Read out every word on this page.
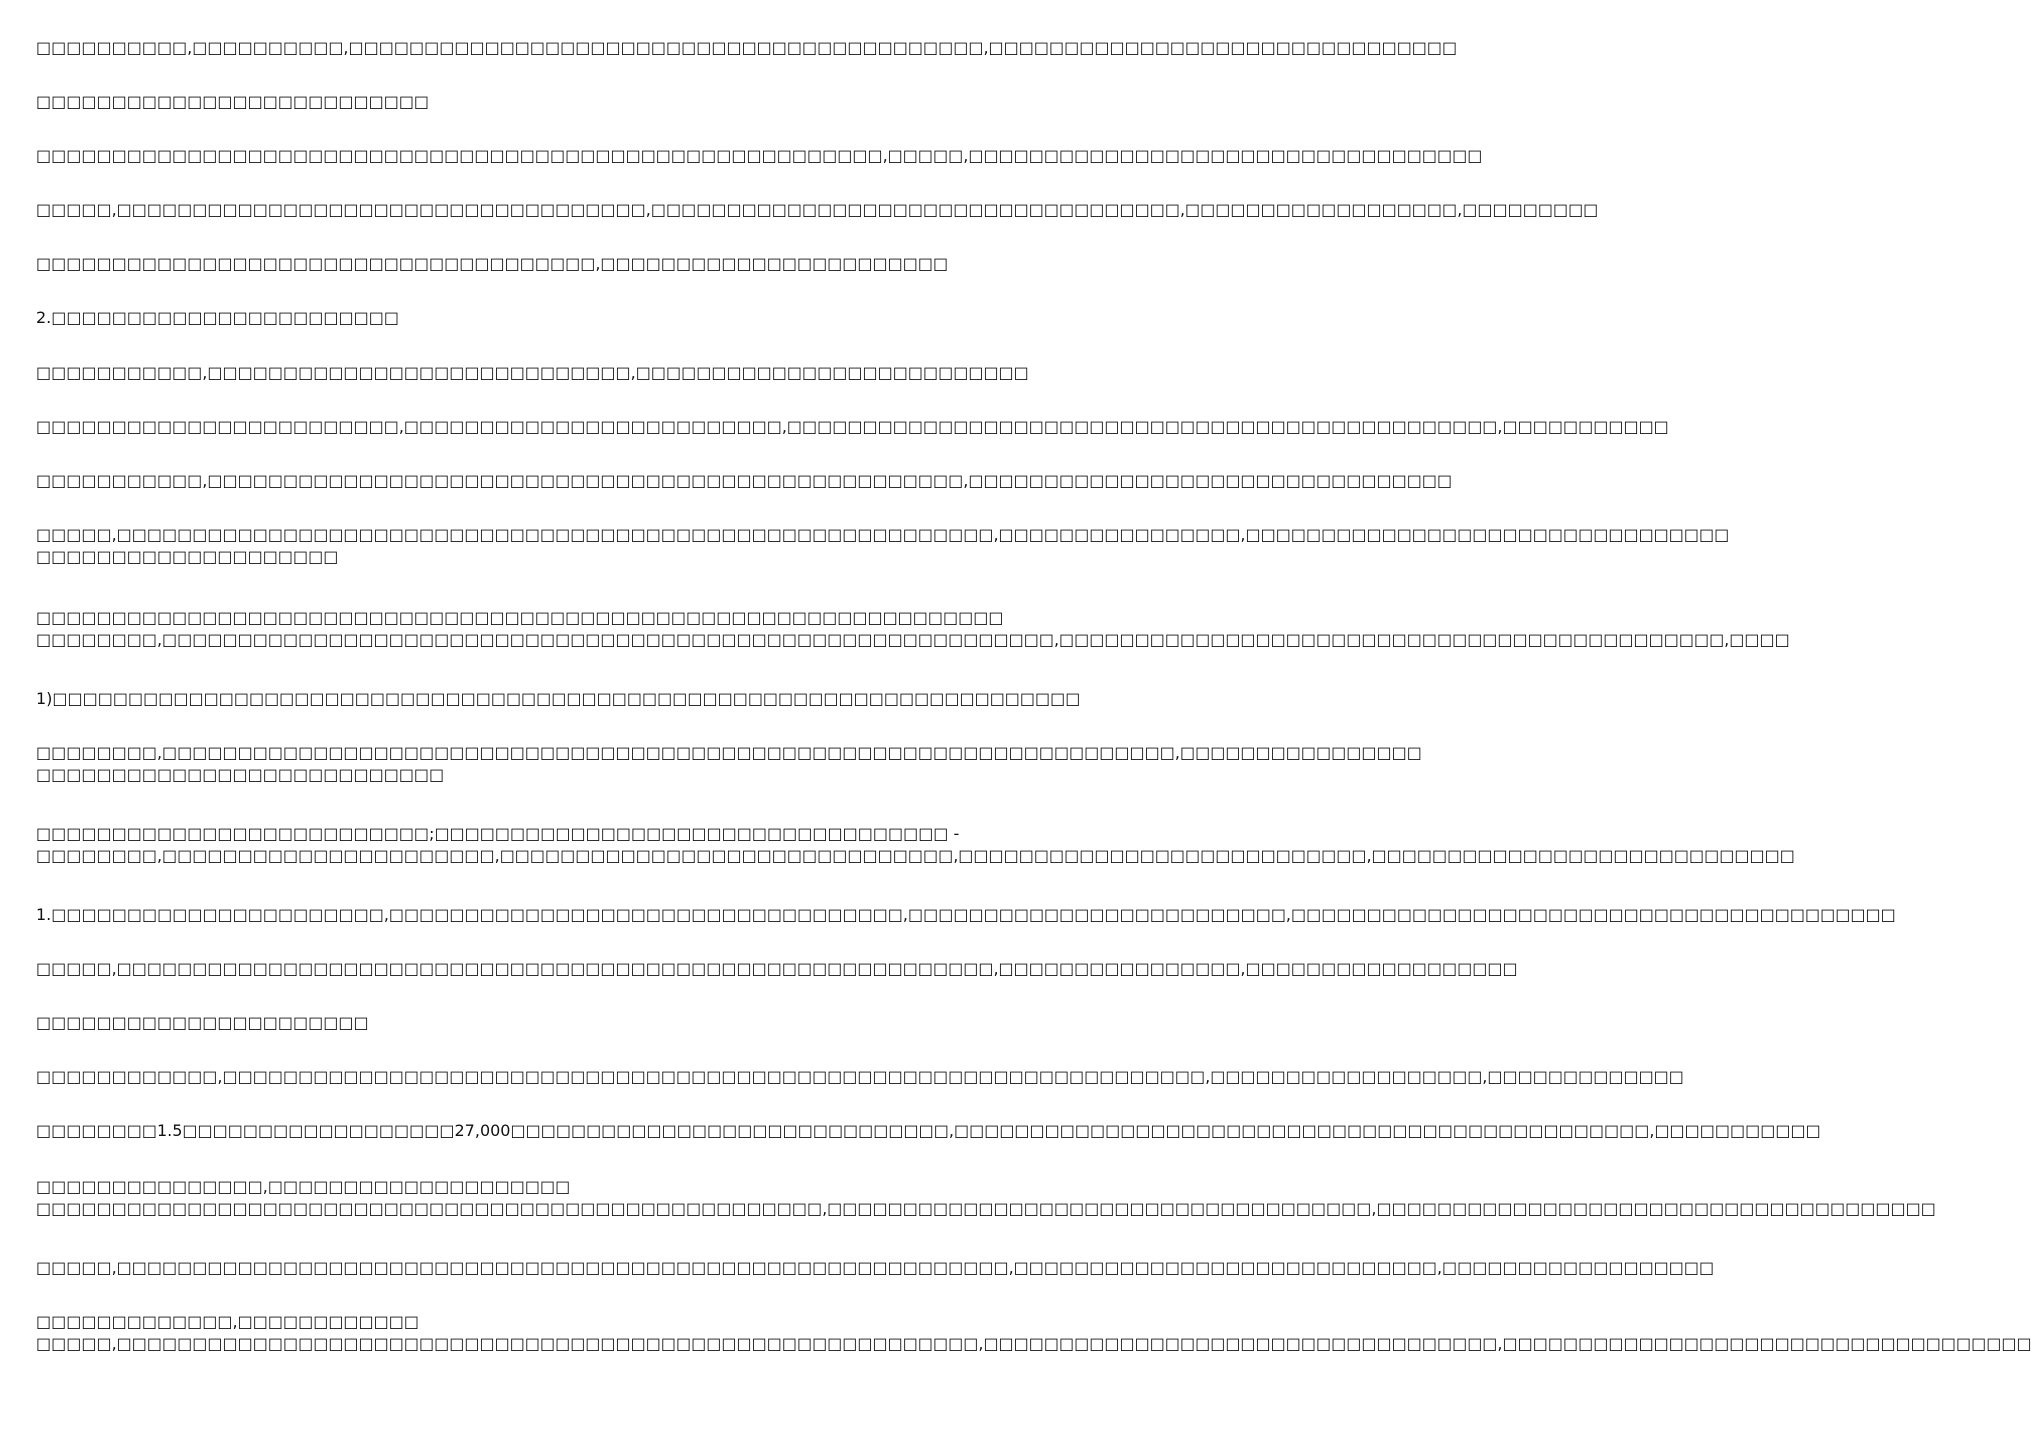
□□□□□□□□□□,□□□□□□□□□□,□□□□□□□□□□□□□□□□□□□□□□□□□□□□□□□□□□□□□□□□□□,□□□□□□□□□□□□□□□□□□□□□□□□□□□□□□□

□□□□□□□□□□□□□□□□□□□□□□□□□□

□□□□□□□□□□□□□□□□□□□□□□□□□□□□□□□□□□□□□□□□□□□□□□□□□□□□□□□□,□□□□□,□□□□□□□□□□□□□□□□□□□□□□□□□□□□□□□□□□

□□□□□,□□□□□□□□□□□□□□□□□□□□□□□□□□□□□□□□□□□,□□□□□□□□□□□□□□□□□□□□□□□□□□□□□□□□□□□,□□□□□□□□□□□□□□□□□□,□□□□□□□□□

□□□□□□□□□□□□□□□□□□□□□□□□□□□□□□□□□□□□□,□□□□□□□□□□□□□□□□□□□□□□□

2.□□□□□□□□□□□□□□□□□□□□□□□

□□□□□□□□□□□,□□□□□□□□□□□□□□□□□□□□□□□□□□□□,□□□□□□□□□□□□□□□□□□□□□□□□□□

□□□□□□□□□□□□□□□□□□□□□□□□,□□□□□□□□□□□□□□□□□□□□□□□□□,□□□□□□□□□□□□□□□□□□□□□□□□□□□□□□□□□□□□□□□□□□□□□□□,□□□□□□□□□□□

□□□□□□□□□□□,□□□□□□□□□□□□□□□□□□□□□□□□□□□□□□□□□□□□□□□□□□□□□□□□□□,□□□□□□□□□□□□□□□□□□□□□□□□□□□□□□□□

□□□□□,□□□□□□□□□□□□□□□□□□□□□□□□□□□□□□□□□□□□□□□□□□□□□□□□□□□□□□□□□□,□□□□□□□□□□□□□□□□,□□□□□□□□□□□□□□□□□□□□□□□□□□□□□□□□
□□□□□□□□□□□□□□□□□□□□

□□□□□□□□□□□□□□□□□□□□□□□□□□□□□□□□□□□□□□□□□□□□□□□□□□□□□□□□□□□□□□□□
□□□□□□□□,□□□□□□□□□□□□□□□□□□□□□□□□□□□□□□□□□□□□□□□□□□□□□□□□□□□□□□□□□□□,□□□□□□□□□□□□□□□□□□□□□□□□□□□□□□□□□□□□□□□□□□□□,□□□□

1)□□□□□□□□□□□□□□□□□□□□□□□□□□□□□□□□□□□□□□□□□□□□□□□□□□□□□□□□□□□□□□□□□□□□

□□□□□□□□,□□□□□□□□□□□□□□□□□□□□□□□□□□□□□□□□□□□□□□□□□□□□□□□□□□□□□□□□□□□□□□□□□□□,□□□□□□□□□□□□□□□□
□□□□□□□□□□□□□□□□□□□□□□□□□□□

□□□□□□□□□□□□□□□□□□□□□□□□□□;□□□□□□□□□□□□□□□□□□□□□□□□□□□□□□□□□□ -
□□□□□□□□,□□□□□□□□□□□□□□□□□□□□□□,□□□□□□□□□□□□□□□□□□□□□□□□□□□□□□,□□□□□□□□□□□□□□□□□□□□□□□□□□□,□□□□□□□□□□□□□□□□□□□□□□□□□□□□

1.□□□□□□□□□□□□□□□□□□□□□□,□□□□□□□□□□□□□□□□□□□□□□□□□□□□□□□□□□,□□□□□□□□□□□□□□□□□□□□□□□□□,□□□□□□□□□□□□□□□□□□□□□□□□□□□□□□□□□□□□□□□□

□□□□□,□□□□□□□□□□□□□□□□□□□□□□□□□□□□□□□□□□□□□□□□□□□□□□□□□□□□□□□□□□,□□□□□□□□□□□□□□□□,□□□□□□□□□□□□□□□□□□

□□□□□□□□□□□□□□□□□□□□□□

□□□□□□□□□□□□,□□□□□□□□□□□□□□□□□□□□□□□□□□□□□□□□□□□□□□□□□□□□□□□□□□□□□□□□□□□□□□□□□,□□□□□□□□□□□□□□□□□□,□□□□□□□□□□□□□

□□□□□□□□1.5□□□□□□□□□□□□□□□□□□27,000□□□□□□□□□□□□□□□□□□□□□□□□□□□□□,□□□□□□□□□□□□□□□□□□□□□□□□□□□□□□□□□□□□□□□□□□□□□□,□□□□□□□□□□□

□□□□□□□□□□□□□□□,□□□□□□□□□□□□□□□□□□□□
□□□□□□□□□□□□□□□□□□□□□□□□□□□□□□□□□□□□□□□□□□□□□□□□□□□□,□□□□□□□□□□□□□□□□□□□□□□□□□□□□□□□□□□□□,□□□□□□□□□□□□□□□□□□□□□□□□□□□□□□□□□□□□□

□□□□□,□□□□□□□□□□□□□□□□□□□□□□□□□□□□□□□□□□□□□□□□□□□□□□□□□□□□□□□□□□□,□□□□□□□□□□□□□□□□□□□□□□□□□□□□,□□□□□□□□□□□□□□□□□□

□□□□□□□□□□□□□,□□□□□□□□□□□□
□□□□□,□□□□□□□□□□□□□□□□□□□□□□□□□□□□□□□□□□□□□□□□□□□□□□□□□□□□□□□□□,□□□□□□□□□□□□□□□□□□□□□□□□□□□□□□□□□□,□□□□□□□□□□□□□□□□□□□□□□□□□□□□□□□□□□□
